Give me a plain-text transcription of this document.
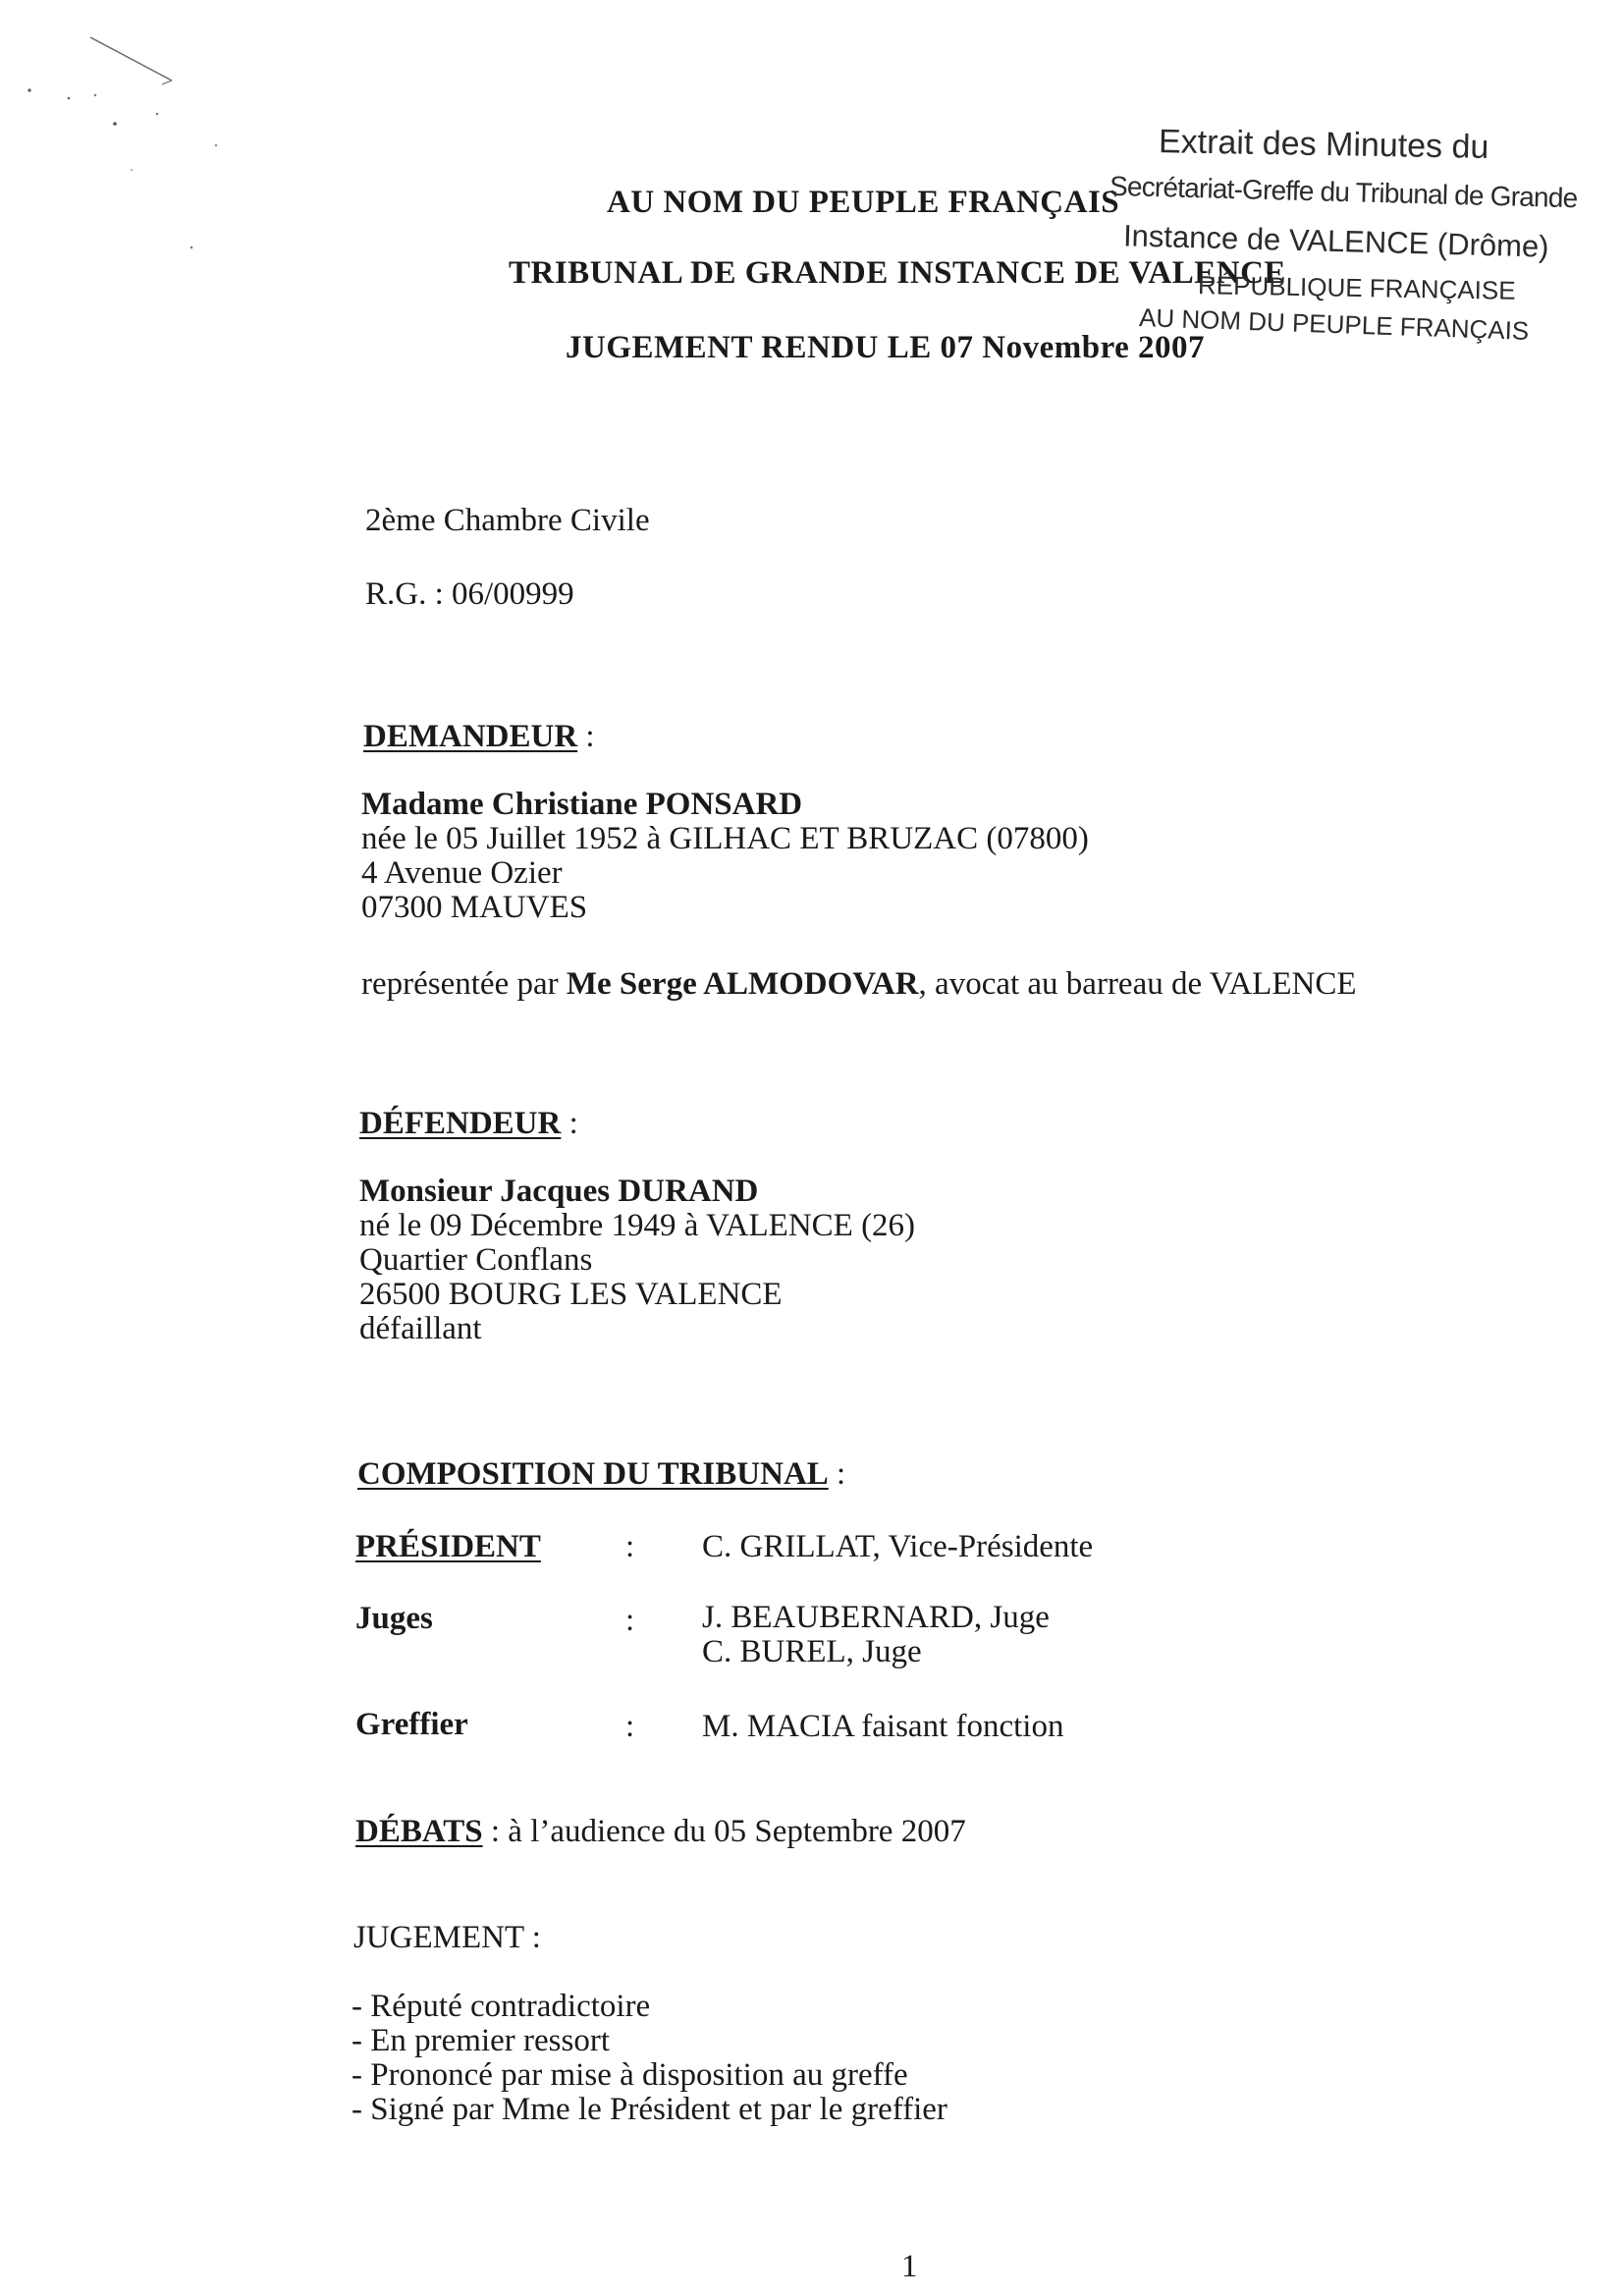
AU NOM DU PEUPLE FRANÇAIS
TRIBUNAL DE GRANDE INSTANCE DE VALENCE
JUGEMENT RENDU LE 07 Novembre 2007
Extrait des Minutes du
Secrétariat-Greffe du Tribunal de Grande
Instance de VALENCE (Drôme)
RÉPUBLIQUE FRANÇAISE
AU NOM DU PEUPLE FRANÇAIS
2ème Chambre Civile
R.G. : 06/00999
DEMANDEUR :
Madame Christiane PONSARD
née le 05 Juillet 1952 à GILHAC ET BRUZAC (07800)
4 Avenue Ozier
07300 MAUVES
représentée par Me Serge ALMODOVAR, avocat au barreau de VALENCE
DÉFENDEUR :
Monsieur Jacques DURAND
né le 09 Décembre 1949 à VALENCE (26)
Quartier Conflans
26500 BOURG LES VALENCE
défaillant
COMPOSITION DU TRIBUNAL :
PRÉSIDENT	: C. GRILLAT, Vice-Présidente
Juges	: J. BEAUBERNARD, Juge
C. BUREL, Juge
Greffier	: M. MACIA faisant fonction
DÉBATS : à l’audience du 05 Septembre 2007
JUGEMENT :
- Réputé contradictoire
- En premier ressort
- Prononcé par mise à disposition au greffe
- Signé par Mme le Président et par le greffier
1
